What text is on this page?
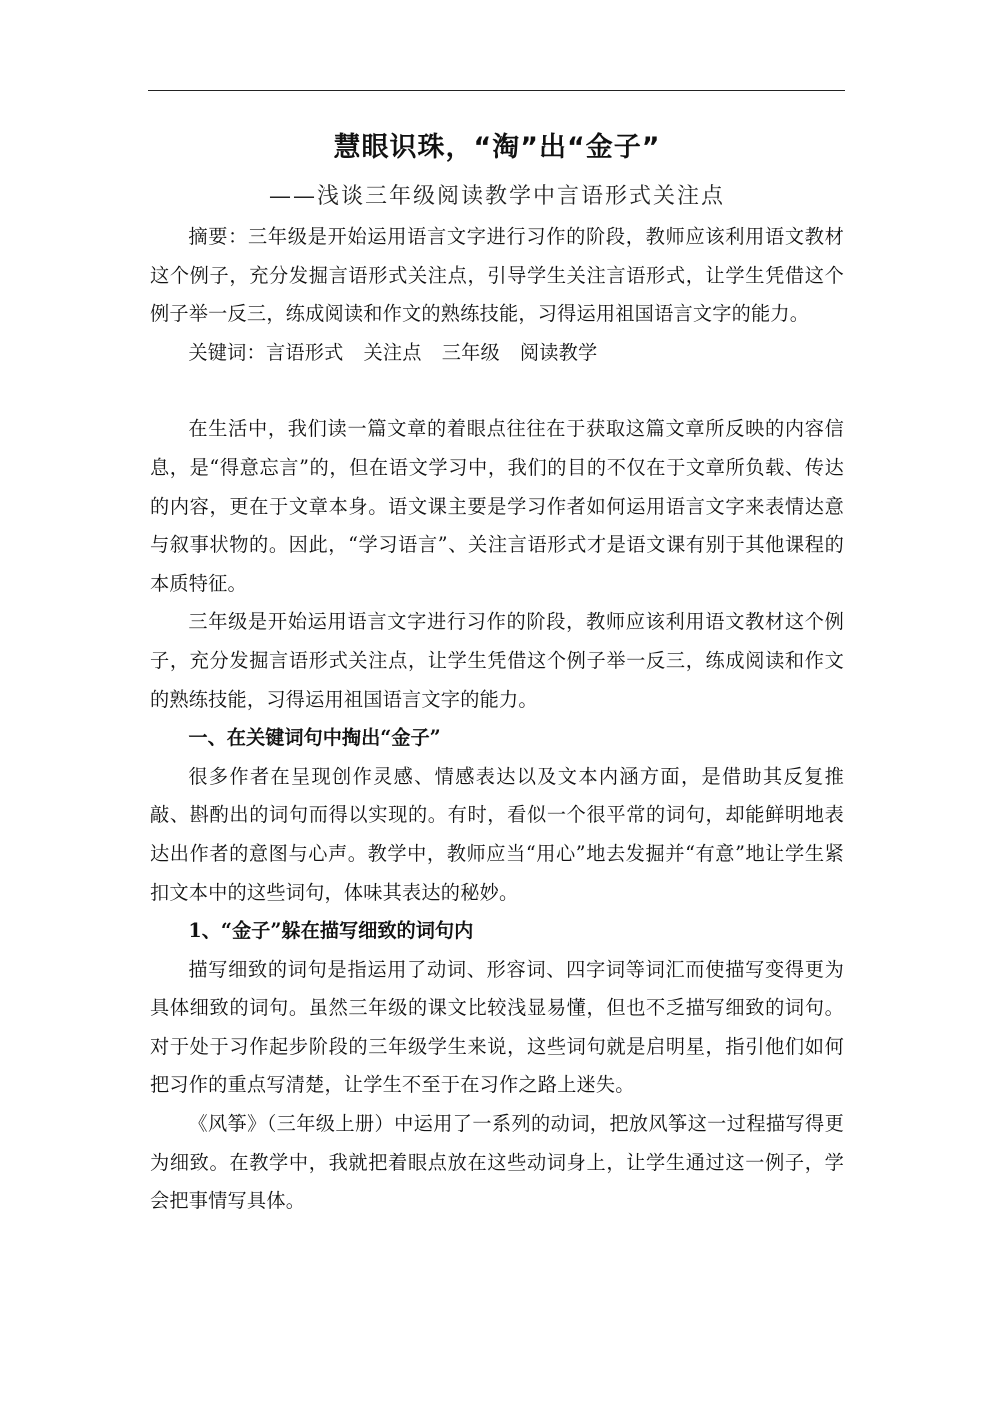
慧眼识珠，“淘”出“金子”
——浅谈三年级阅读教学中言语形式关注点

摘要：三年级是开始运用语言文字进行习作的阶段，教师应该利用语文教材这个例子，充分发掘言语形式关注点，引导学生关注言语形式，让学生凭借这个例子举一反三，练成阅读和作文的熟练技能，习得运用祖国语言文字的能力。

关键词：言语形式 关注点 三年级 阅读教学

在生活中，我们读一篇文章的着眼点往往在于获取这篇文章所反映的内容信息，是“得意忘言”的，但在语文学习中，我们的目的不仅在于文章所负载、传达的内容，更在于文章本身。语文课主要是学习作者如何运用语言文字来表情达意与叙事状物的。因此，“学习语言”、关注言语形式才是语文课有别于其他课程的本质特征。

三年级是开始运用语言文字进行习作的阶段，教师应该利用语文教材这个例子，充分发掘言语形式关注点，让学生凭借这个例子举一反三，练成阅读和作文的熟练技能，习得运用祖国语言文字的能力。

一、在关键词句中掏出“金子”

很多作者在呈现创作灵感、情感表达以及文本内涵方面，是借助其反复推敲、斟酌出的词句而得以实现的。有时，看似一个很平常的词句，却能鲜明地表达出作者的意图与心声。教学中，教师应当“用心”地去发掘并“有意”地让学生紧扣文本中的这些词句，体味其表达的秘妙。

1、“金子”躲在描写细致的词句内

描写细致的词句是指运用了动词、形容词、四字词等词汇而使描写变得更为具体细致的词句。虽然三年级的课文比较浅显易懂，但也不乏描写细致的词句。对于处于习作起步阶段的三年级学生来说，这些词句就是启明星，指引他们如何把习作的重点写清楚，让学生不至于在习作之路上迷失。

《风筝》（三年级上册）中运用了一系列的动词，把放风筝这一过程描写得更为细致。在教学中，我就把着眼点放在这些动词身上，让学生通过这一例子，学会把事情写具体。
